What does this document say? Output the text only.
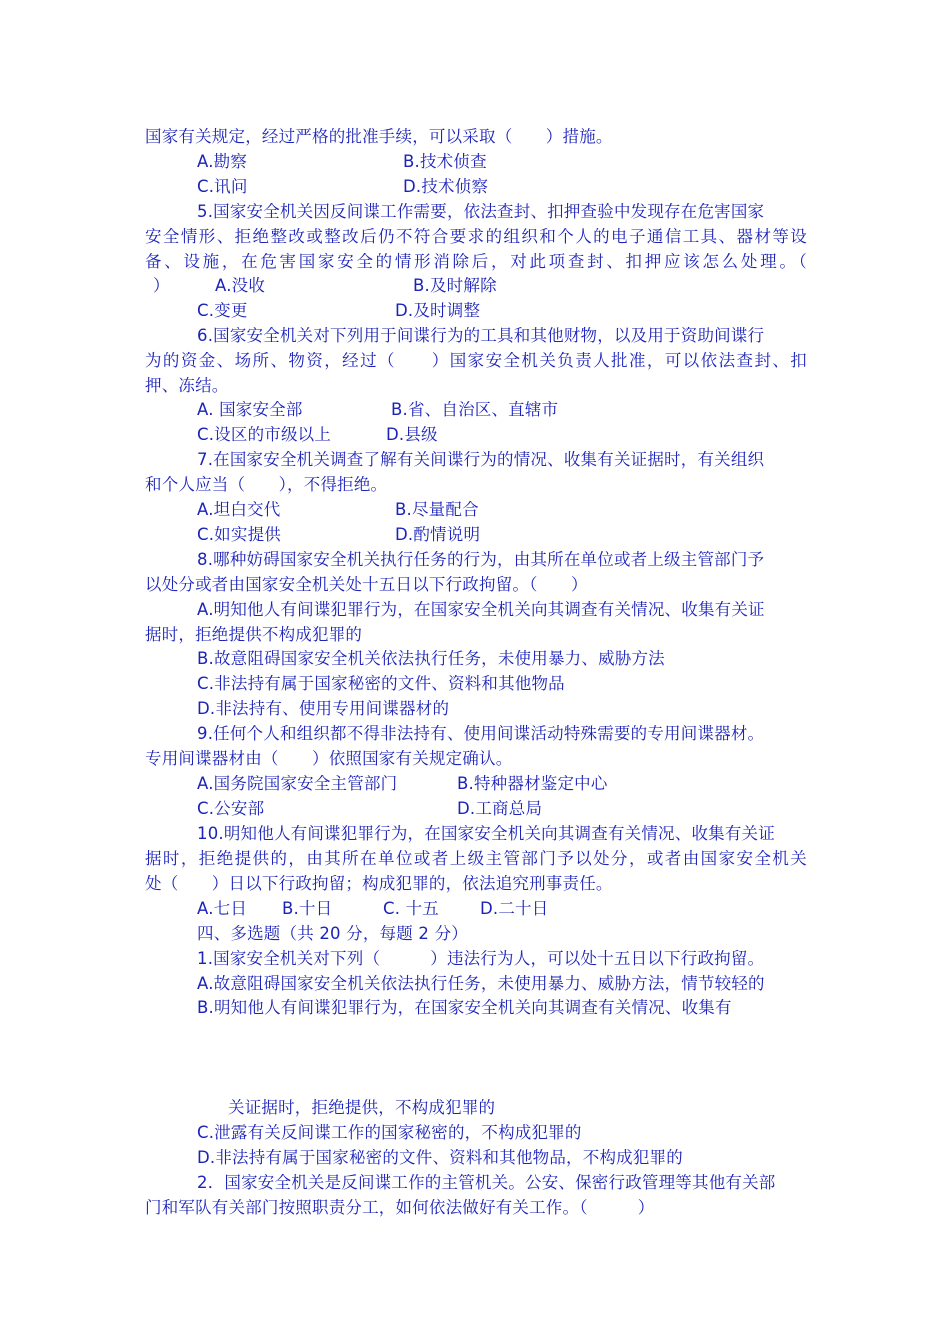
国家有关规定，经过严格的批准手续，可以采取（　　）措施。
A.勘察	B.技术侦查
C.讯问	D.技术侦察
5.国家安全机关因反间谍工作需要，依法查封、扣押查验中发现存在危害国家
安全情形、拒绝整改或整改后仍不符合要求的组织和个人的电子通信工具、器材等设
备、设施，在危害国家安全的情形消除后，对此项查封、扣押应该怎么处理。（
）	A.没收	B.及时解除
C.变更	D.及时调整
6.国家安全机关对下列用于间谍行为的工具和其他财物，以及用于资助间谍行
为的资金、场所、物资，经过（　　）国家安全机关负责人批准，可以依法查封、扣
押、冻结。
A. 国家安全部	B.省、自治区、直辖市
C.设区的市级以上	D.县级
7.在国家安全机关调查了解有关间谍行为的情况、收集有关证据时，有关组织
和个人应当（　　），不得拒绝。
A.坦白交代	B.尽量配合
C.如实提供	D.酌情说明
8.哪种妨碍国家安全机关执行任务的行为，由其所在单位或者上级主管部门予
以处分或者由国家安全机关处十五日以下行政拘留。（　　）
A.明知他人有间谍犯罪行为，在国家安全机关向其调查有关情况、收集有关证
据时，拒绝提供不构成犯罪的
B.故意阻碍国家安全机关依法执行任务，未使用暴力、威胁方法
C.非法持有属于国家秘密的文件、资料和其他物品
D.非法持有、使用专用间谍器材的
9.任何个人和组织都不得非法持有、使用间谍活动特殊需要的专用间谍器材。
专用间谍器材由（　　）依照国家有关规定确认。
A.国务院国家安全主管部门	B.特种器材鉴定中心
C.公安部	D.工商总局
10.明知他人有间谍犯罪行为，在国家安全机关向其调查有关情况、收集有关证
据时，拒绝提供的，由其所在单位或者上级主管部门予以处分，或者由国家安全机关
处（　　）日以下行政拘留；构成犯罪的，依法追究刑事责任。
A.七日 B.十日	C. 十五 D.二十日
四、多选题（共 20 分，每题 2 分）
1.国家安全机关对下列（　　　）违法行为人，可以处十五日以下行政拘留。
A.故意阻碍国家安全机关依法执行任务，未使用暴力、威胁方法，情节较轻的
B.明知他人有间谍犯罪行为，在国家安全机关向其调查有关情况、收集有
关证据时，拒绝提供，不构成犯罪的
C.泄露有关反间谍工作的国家秘密的，不构成犯罪的
D.非法持有属于国家秘密的文件、资料和其他物品，不构成犯罪的
2．国家安全机关是反间谍工作的主管机关。公安、保密行政管理等其他有关部
门和军队有关部门按照职责分工，如何依法做好有关工作。（　　　）
